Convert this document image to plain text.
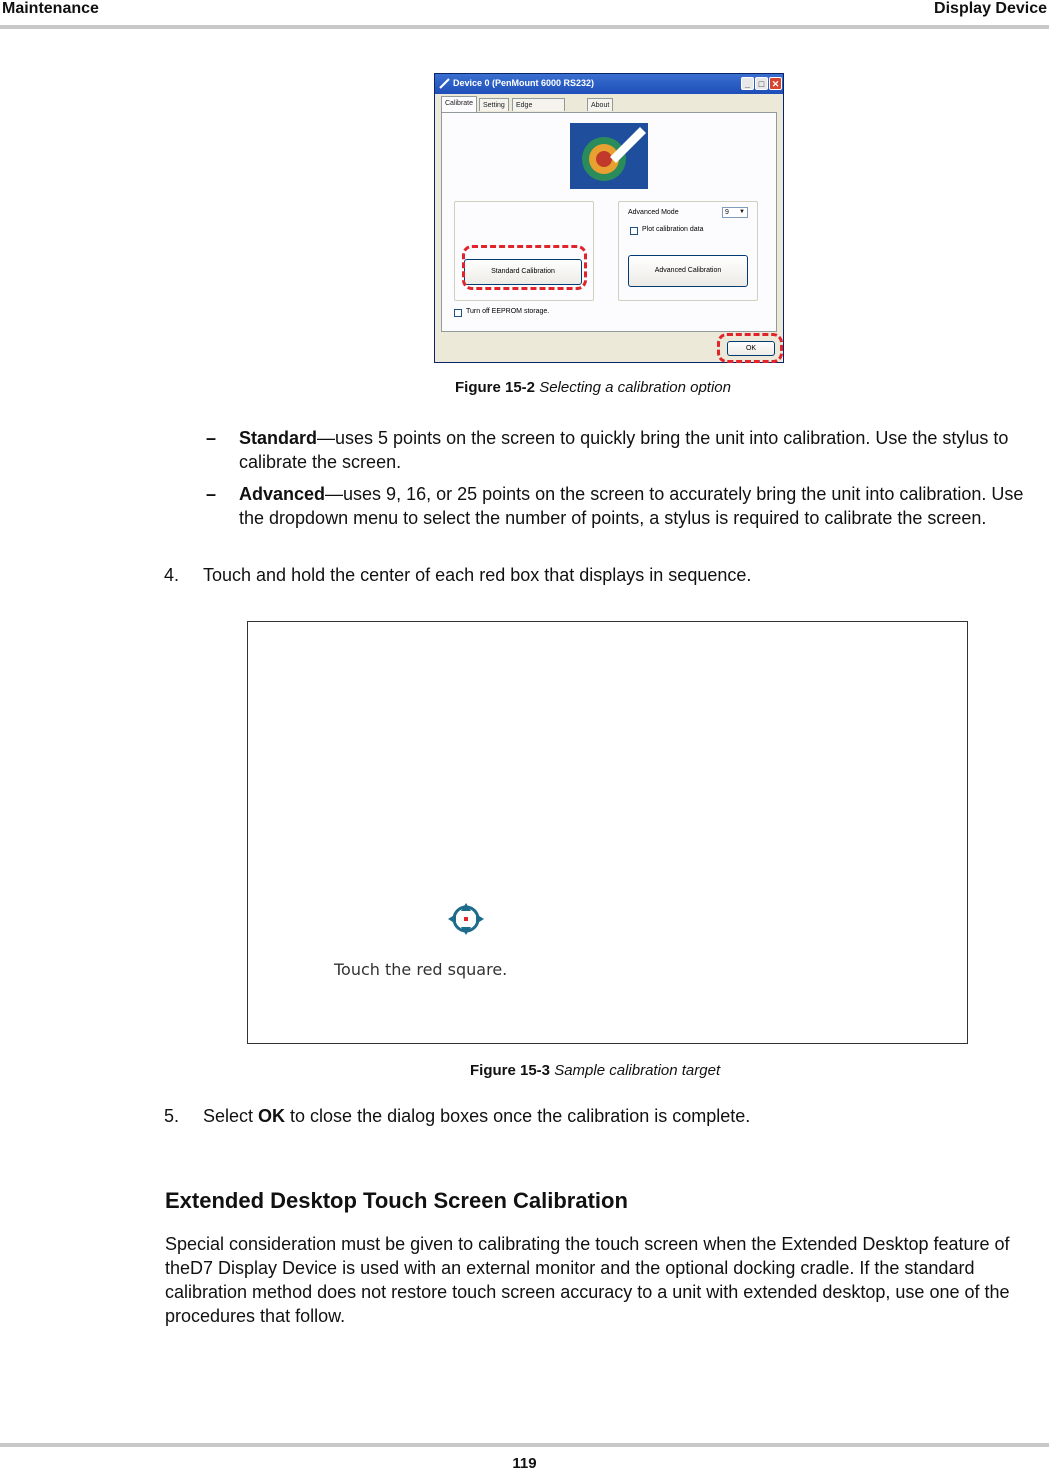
Maintenance	Display Device
Device 0 (PenMount 6000 RS232)	_ □ ✕
Calibrate	Setting	Edge	About
Standard Calibration
Advanced Mode	9 ▼
Plot calibration data
Advanced Calibration
Turn off EEPROM storage.
OK
Figure 15-2 Selecting a calibration option
– Standard—uses 5 points on the screen to quickly bring the unit into calibration. Use the stylus to calibrate the screen.
– Advanced—uses 9, 16, or 25 points on the screen to accurately bring the unit into calibration. Use the dropdown menu to select the number of points, a stylus is required to calibrate the screen.
4. Touch and hold the center of each red box that displays in sequence.
Touch the red square.
Figure 15-3 Sample calibration target
5. Select OK to close the dialog boxes once the calibration is complete.
Extended Desktop Touch Screen Calibration
Special consideration must be given to calibrating the touch screen when the Extended Desktop feature of theD7 Display Device is used with an external monitor and the optional docking cradle. If the standard calibration method does not restore touch screen accuracy to a unit with extended desktop, use one of the procedures that follow.
119
